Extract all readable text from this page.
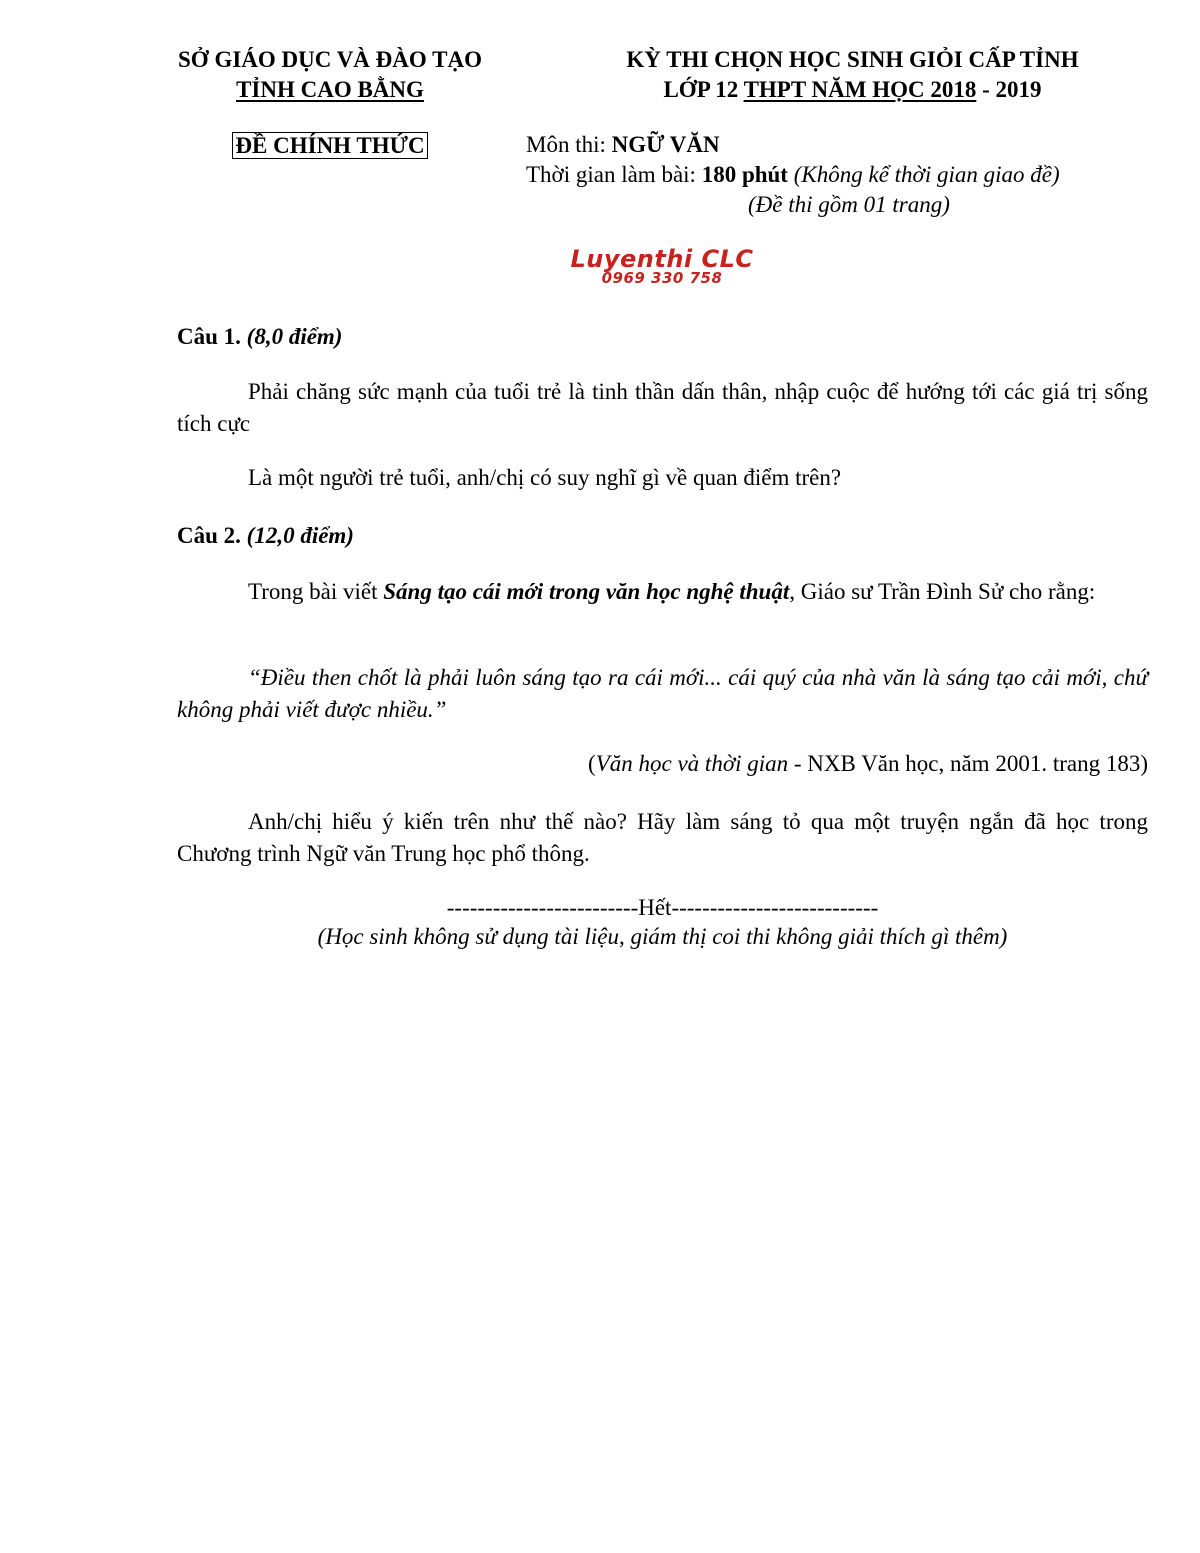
SỞ GIÁO DỤC VÀ ĐÀO TẠO
TỈNH CAO BẰNG
ĐỀ CHÍNH THỨC
KỲ THI CHỌN HỌC SINH GIỎI CẤP TỈNH
LỚP 12 THPT NĂM HỌC 2018 - 2019
Môn thi: NGỮ VĂN
Thời gian làm bài: 180 phút (Không kể thời gian giao đề)
(Đề thi gồm 01 trang)
Luyenthi CLC
0969 330 758
Câu 1. (8,0 điểm)
Phải chăng sức mạnh của tuổi trẻ là tinh thần dấn thân, nhập cuộc để hướng tới các giá trị sống tích cực
Là một người trẻ tuổi, anh/chị có suy nghĩ gì về quan điểm trên?
Câu 2. (12,0 điểm)
Trong bài viết Sáng tạo cái mới trong văn học nghệ thuật, Giáo sư Trần Đình Sử cho rằng:
“Điều then chốt là phải luôn sáng tạo ra cái mới... cái quý của nhà văn là sáng tạo cải mới, chứ không phải viết được nhiều.”
(Văn học và thời gian - NXB Văn học, năm 2001. trang 183)
Anh/chị hiểu ý kiến trên như thế nào? Hãy làm sáng tỏ qua một truyện ngắn đã học trong Chương trình Ngữ văn Trung học phổ thông.
-------------------------Hết---------------------------
(Học sinh không sử dụng tài liệu, giám thị coi thi không giải thích gì thêm)
